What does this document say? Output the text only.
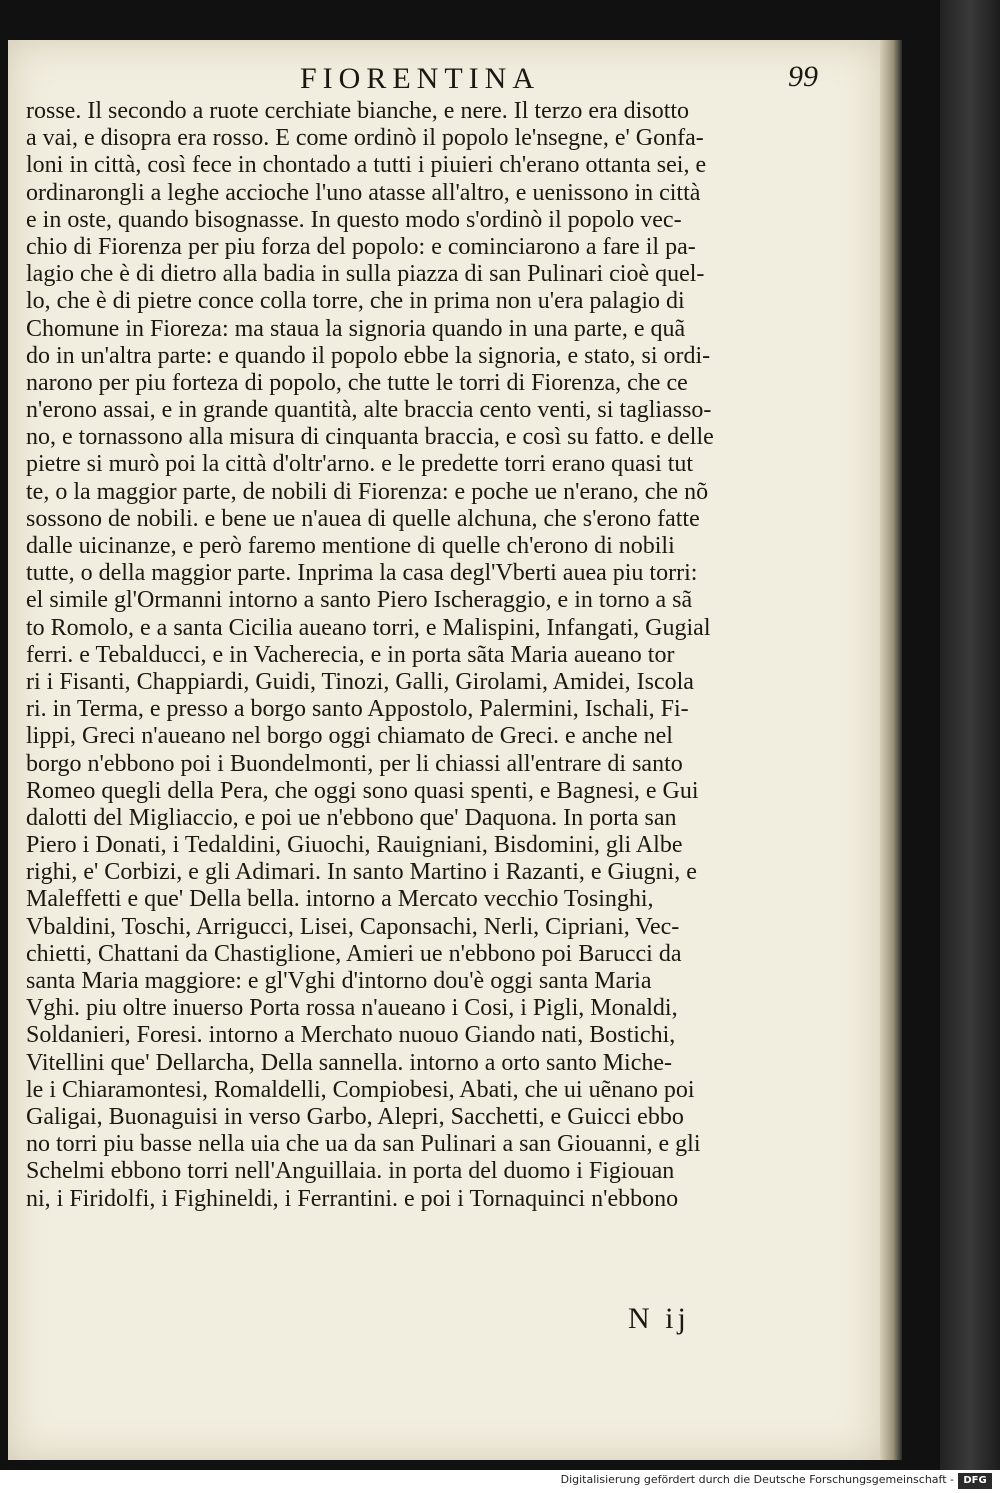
FIORENTINA	99
rosse. Il secondo a ruote cerchiate bianche, e nere. Il terzo era disotto
a vai, e disopra era rosso. E come ordinò il popolo le'nsegne, e' Gonfa-
loni in città, così fece in chontado a tutti i piuieri ch'erano ottanta sei, e
ordinarongli a leghe accioche l'uno atasse all'altro, e uenissono in città
e in oste, quando bisognasse. In questo modo s'ordinò il popolo vec-
chio di Fiorenza per piu forza del popolo: e cominciarono a fare il pa-
lagio che è di dietro alla badia in sulla piazza di san Pulinari cioè quel-
lo, che è di pietre conce colla torre, che in prima non u'era palagio di
Chomune in Fioreza: ma staua la signoria quando in una parte, e quã
do in un'altra parte: e quando il popolo ebbe la signoria, e stato, si ordi-
narono per piu forteza di popolo, che tutte le torri di Fiorenza, che ce
n'erono assai, e in grande quantità, alte braccia cento venti, si tagliasso-
no, e tornassono alla misura di cinquanta braccia, e così su fatto. e delle
pietre si murò poi la città d'oltr'arno. e le predette torri erano quasi tut
te, o la maggior parte, de nobili di Fiorenza: e poche ue n'erano, che nõ
sossono de nobili. e bene ue n'auea di quelle alchuna, che s'erono fatte
dalle uicinanze, e però faremo mentione di quelle ch'erono di nobili
tutte, o della maggior parte. Inprima la casa degl'Vberti auea piu torri:
el simile gl'Ormanni intorno a santo Piero Ischeraggio, e in torno a sã
to Romolo, e a santa Cicilia aueano torri, e Malispini, Infangati, Gugial
ferri. e Tebalducci, e in Vacherecia, e in porta sãta Maria aueano tor
ri i Fisanti, Chappiardi, Guidi, Tinozi, Galli, Girolami, Amidei, Iscola
ri. in Terma, e presso a borgo santo Appostolo, Palermini, Ischali, Fi-
lippi, Greci n'aueano nel borgo oggi chiamato de Greci. e anche nel
borgo n'ebbono poi i Buondelmonti, per li chiassi all'entrare di santo
Romeo quegli della Pera, che oggi sono quasi spenti, e Bagnesi, e Gui
dalotti del Migliaccio, e poi ue n'ebbono que' Daquona. In porta san
Piero i Donati, i Tedaldini, Giuochi, Rauigniani, Bisdomini, gli Albe
righi, e' Corbizi, e gli Adimari. In santo Martino i Razanti, e Giugni, e
Maleffetti e que' Della bella. intorno a Mercato vecchio Tosinghi,
Vbaldini, Toschi, Arrigucci, Lisei, Caponsachi, Nerli, Cipriani, Vec-
chietti, Chattani da Chastiglione, Amieri ue n'ebbono poi Barucci da
santa Maria maggiore: e gl'Vghi d'intorno dou'è oggi santa Maria
Vghi. piu oltre inuerso Porta rossa n'aueano i Cosi, i Pigli, Monaldi,
Soldanieri, Foresi. intorno a Merchato nuouo Giando nati, Bostichi,
Vitellini que' Dellarcha, Della sannella. intorno a orto santo Miche-
le i Chiaramontesi, Romaldelli, Compiobesi, Abati, che ui uẽnano poi
Galigai, Buonaguisi in verso Garbo, Alepri, Sacchetti, e Guicci ebbo
no torri piu basse nella uia che ua da san Pulinari a san Giouanni, e gli
Schelmi ebbono torri nell'Anguillaia. in porta del duomo i Figiouan
ni, i Firidolfi, i Fighineldi, i Ferrantini. e poi i Tornaquinci n'ebbono
N ij
Digitalisierung gefördert durch die Deutsche Forschungsgemeinschaft - DFG
